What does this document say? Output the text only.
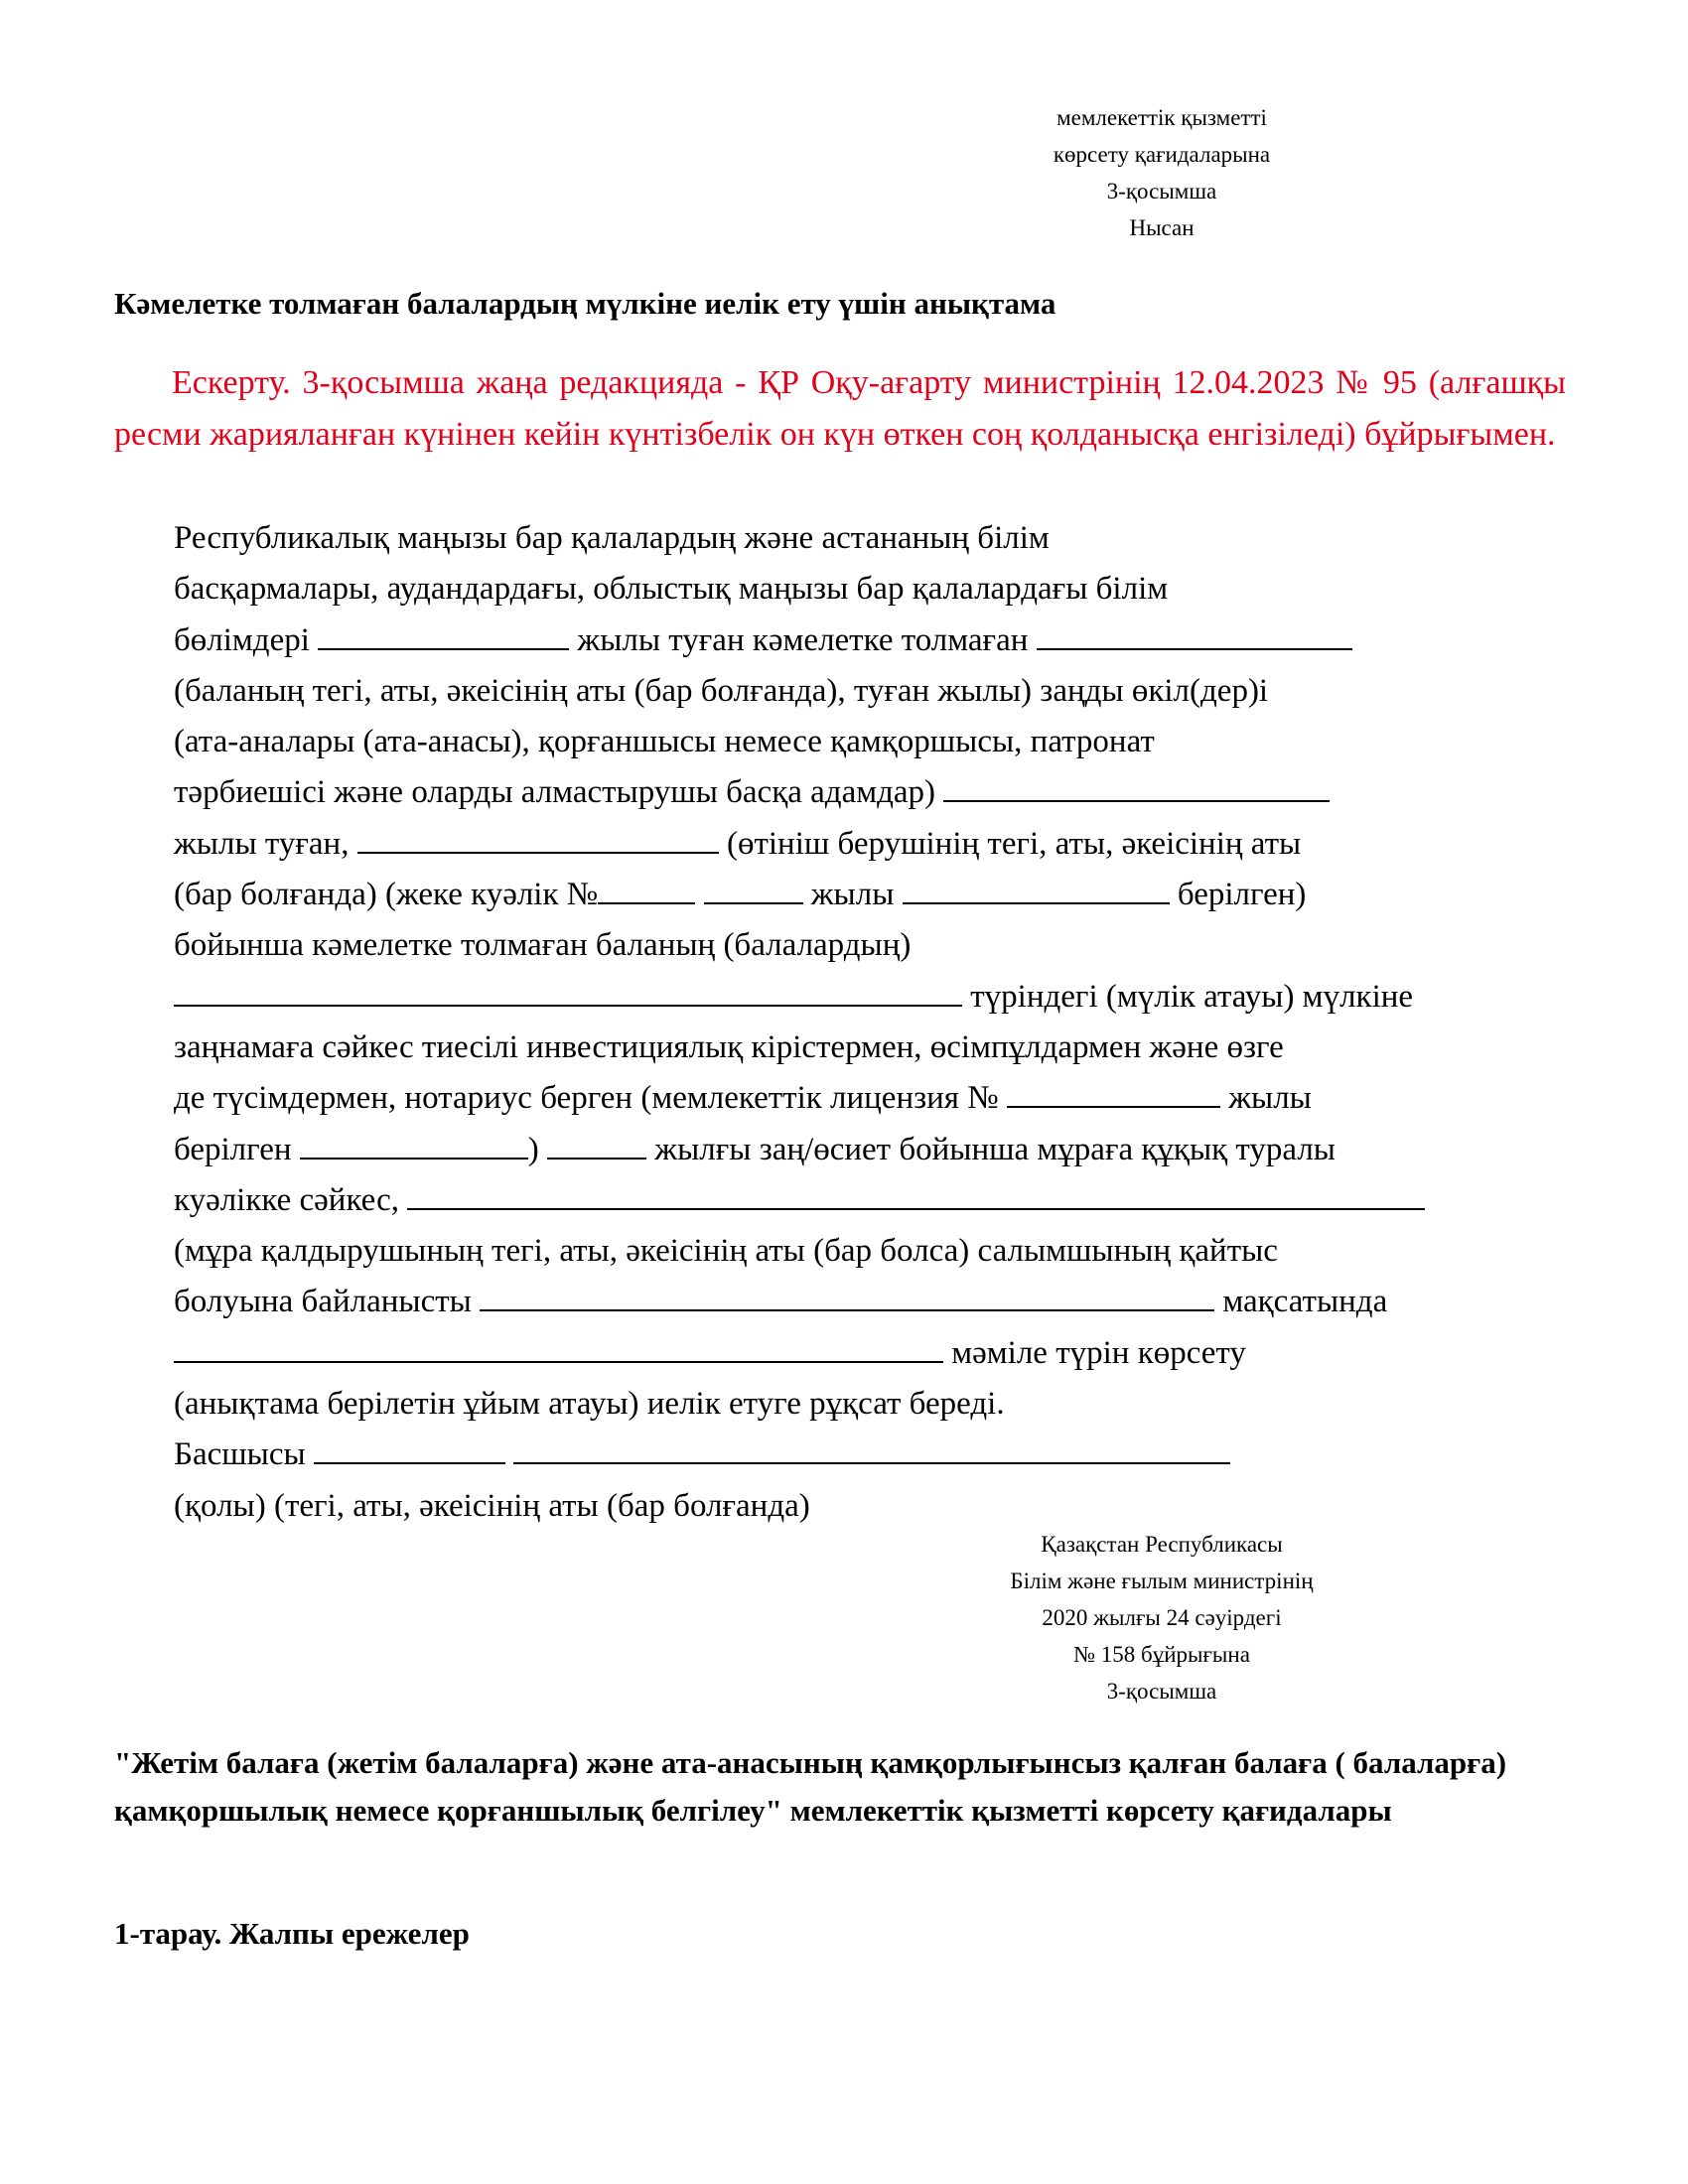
мемлекеттік қызметті
көрсету қағидаларына
3-қосымша
Нысан
Кәмелетке толмаған балалардың мүлкіне иелік ету үшін анықтама
Ескерту. 3-қосымша жаңа редакцияда - ҚР Оқу-ағарту министрінің 12.04.2023 № 95 (алғашқы ресми жарияланған күнінен кейін күнтізбелік он күн өткен соң қолданысқа енгізіледі) бұйрығымен.
Республикалық маңызы бар қалалардың және астананың білім
басқармалары, аудандардағы, облыстық маңызы бар қалалардағы білім
бөлімдері	жылы туған кәмелетке толмаған
(баланың тегі, аты, әкеісінің аты (бар болғанда), туған жылы) заңды өкіл(дер)і
(ата-аналары (ата-анасы), қорғаншысы немесе қамқоршысы, патронат
тәрбиешісі және оларды алмастырушы басқа адамдар)
жылы туған,	(өтініш берушінің тегі, аты, әкеісінің аты
(бар болғанда) (жеке куәлік №	жылы	берілген)
бойынша кәмелетке толмаған баланың (балалардың)
түріндегі (мүлік атауы) мүлкіне
заңнамаға сәйкес тиесілі инвестициялық кірістермен, өсімпұлдармен және өзге
де түсімдермен, нотариус берген (мемлекеттік лицензия №	жылы
берілген	)	жылғы заң/өсиет бойынша мұраға құқық туралы
куәлікке сәйкес,
(мұра қалдырушының тегі, аты, әкеісінің аты (бар болса) салымшының қайтыс
болуына байланысты	мақсатында
мәміле түрін көрсету
(анықтама берілетін ұйым атауы) иелік етуге рұқсат береді.
Басшысы
(қолы) (тегі, аты, әкеісінің аты (бар болғанда)
Қазақстан Республикасы
Білім және ғылым министрінің
2020 жылғы 24 сәуірдегі
№ 158 бұйрығына
3-қосымша
"Жетім балаға (жетім балаларға) және ата-анасының қамқорлығынсыз қалған балаға ( балаларға) қамқоршылық немесе қорғаншылық белгілеу" мемлекеттік қызметті көрсету қағидалары
1-тарау. Жалпы ережелер
